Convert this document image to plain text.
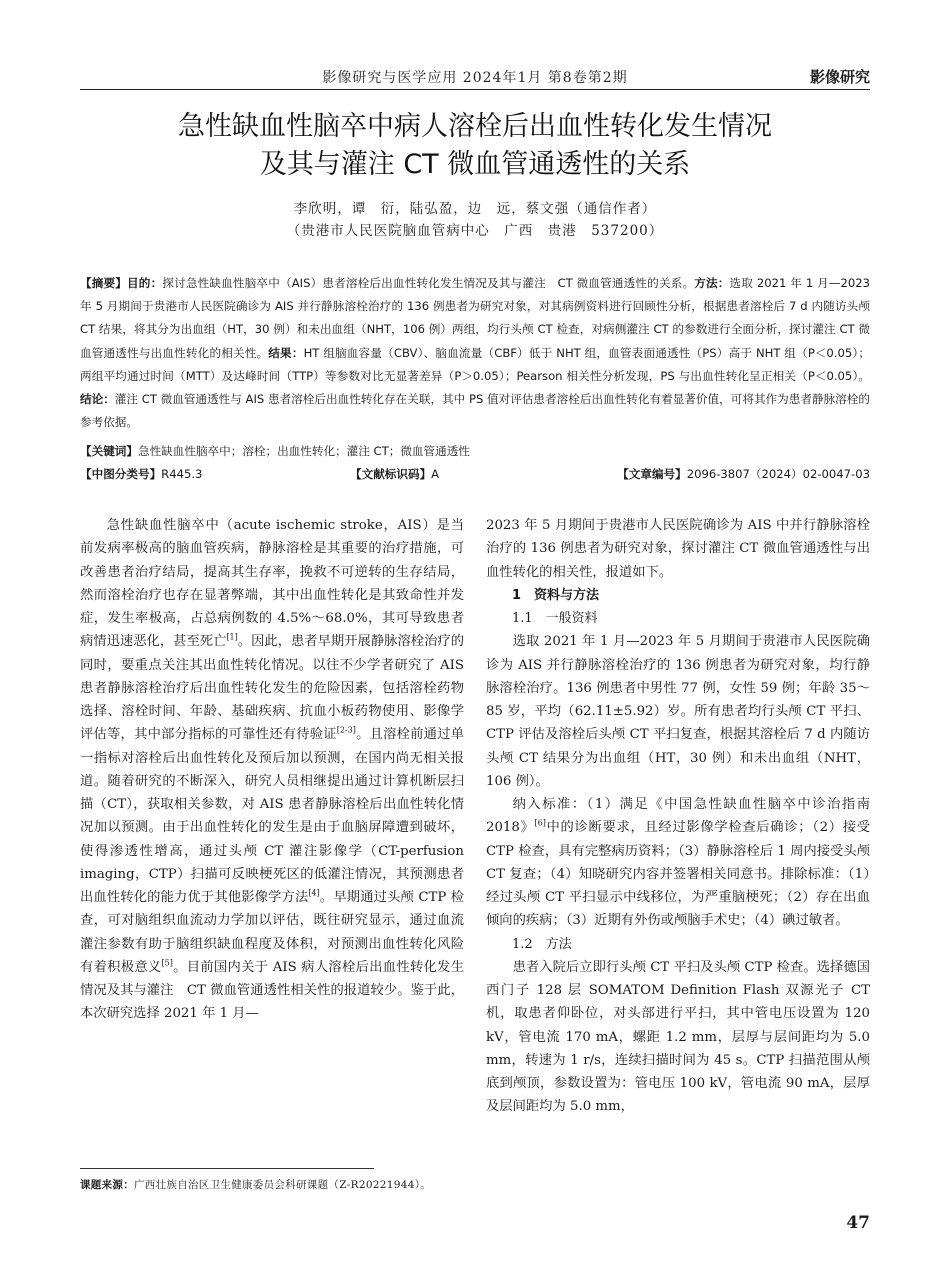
影像研究与医学应用 2024年1月 第8卷第2期	影像研究
急性缺血性脑卒中病人溶栓后出血性转化发生情况
及其与灌注 CT 微血管通透性的关系
李欣明，谭　衍，陆弘盈，边　远，蔡文强（通信作者）
（贵港市人民医院脑血管病中心　广西　贵港　537200）
【摘要】目的：探讨急性缺血性脑卒中（AIS）患者溶栓后出血性转化发生情况及其与灌注　CT 微血管通透性的关系。方法：选取 2021 年 1 月—2023 年 5 月期间于贵港市人民医院确诊为 AIS 并行静脉溶栓治疗的 136 例患者为研究对象，对其病例资料进行回顾性分析，根据患者溶栓后 7 d 内随访头颅 CT 结果，将其分为出血组（HT，30 例）和未出血组（NHT，106 例）两组，均行头颅 CT 检查，对病侧灌注 CT 的参数进行全面分析，探讨灌注 CT 微血管通透性与出血性转化的相关性。结果：HT 组脑血容量（CBV）、脑血流量（CBF）低于 NHT 组，血管表面通透性（PS）高于 NHT 组（P＜0.05）；两组平均通过时间（MTT）及达峰时间（TTP）等参数对比无显著差异（P＞0.05）；Pearson 相关性分析发现，PS 与出血性转化呈正相关（P＜0.05）。结论：灌注 CT 微血管通透性与 AIS 患者溶栓后出血性转化存在关联，其中 PS 值对评估患者溶栓后出血性转化有着显著价值，可将其作为患者静脉溶栓的参考依据。
【关键词】急性缺血性脑卒中；溶栓；出血性转化；灌注 CT；微血管通透性
【中图分类号】R445.3	【文献标识码】A	【文章编号】2096-3807（2024）02-0047-03

急性缺血性脑卒中（acute ischemic stroke，AIS）是当前发病率极高的脑血管疾病，静脉溶栓是其重要的治疗措施，可改善患者治疗结局，提高其生存率，挽救不可逆转的生存结局，然而溶栓治疗也存在显著弊端，其中出血性转化是其致命性并发症，发生率极高，占总病例数的 4.5%～68.0%，其可导致患者病情迅速恶化，甚至死亡[1]。因此，患者早期开展静脉溶栓治疗的同时，要重点关注其出血性转化情况。以往不少学者研究了 AIS 患者静脉溶栓治疗后出血性转化发生的危险因素，包括溶栓药物选择、溶栓时间、年龄、基础疾病、抗血小板药物使用、影像学评估等，其中部分指标的可靠性还有待验证[2-3]。且溶栓前通过单一指标对溶栓后出血性转化及预后加以预测，在国内尚无相关报道。随着研究的不断深入，研究人员相继提出通过计算机断层扫描（CT），获取相关参数，对 AIS 患者静脉溶栓后出血性转化情况加以预测。由于出血性转化的发生是由于血脑屏障遭到破坏，使得渗透性增高，通过头颅 CT 灌注影像学（CT-perfusion imaging，CTP）扫描可反映梗死区的低灌注情况，其预测患者出血性转化的能力优于其他影像学方法[4]。早期通过头颅 CTP 检查，可对脑组织血流动力学加以评估，既往研究显示，通过血流灌注参数有助于脑组织缺血程度及体积，对预测出血性转化风险有着积极意义[5]。目前国内关于 AIS 病人溶栓后出血性转化发生情况及其与灌注　CT 微血管通透性相关性的报道较少。鉴于此，本次研究选择 2021 年 1 月—

2023 年 5 月期间于贵港市人民医院确诊为 AIS 中并行静脉溶栓治疗的 136 例患者为研究对象，探讨灌注 CT 微血管通透性与出血性转化的相关性，报道如下。

1　资料与方法

1.1　一般资料

选取 2021 年 1 月—2023 年 5 月期间于贵港市人民医院确诊为 AIS 并行静脉溶栓治疗的 136 例患者为研究对象，均行静脉溶栓治疗。136 例患者中男性 77 例，女性 59 例；年龄 35～85 岁，平均（62.11±5.92）岁。所有患者均行头颅 CT 平扫、CTP 评估及溶栓后头颅 CT 平扫复查，根据其溶栓后 7 d 内随访头颅 CT 结果分为出血组（HT，30 例）和未出血组（NHT，106 例）。

纳入标准：（1）满足《中国急性缺血性脑卒中诊治指南 2018》[6]中的诊断要求，且经过影像学检查后确诊；（2）接受 CTP 检查，具有完整病历资料；（3）静脉溶栓后 1 周内接受头颅 CT 复查；（4）知晓研究内容并签署相关同意书。排除标准：（1）经过头颅 CT 平扫显示中线移位，为严重脑梗死；（2）存在出血倾向的疾病；（3）近期有外伤或颅脑手术史；（4）碘过敏者。

1.2　方法

患者入院后立即行头颅 CT 平扫及头颅 CTP 检查。选择德国西门子 128 层 SOMATOM Definition Flash 双源光子 CT 机，取患者仰卧位，对头部进行平扫，其中管电压设置为 120 kV，管电流 170 mA，螺距 1.2 mm，层厚与层间距均为 5.0 mm，转速为 1 r/s，连续扫描时间为 45 s。CTP 扫描范围从颅底到颅顶，参数设置为：管电压 100 kV，管电流 90 mA，层厚及层间距均为 5.0 mm，

课题来源：广西壮族自治区卫生健康委员会科研课题（Z-R20221944）。
47
